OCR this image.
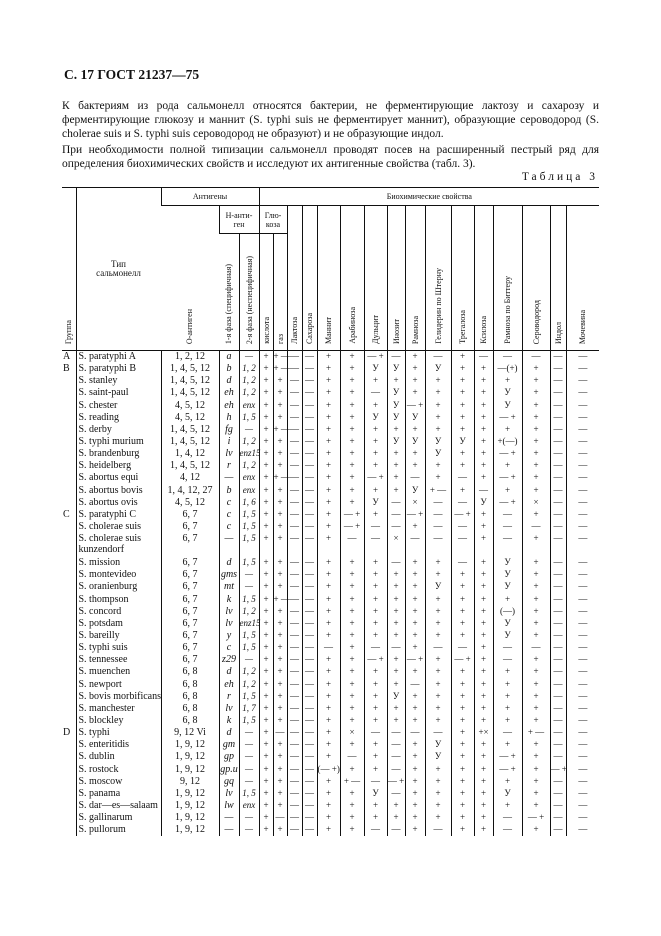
С. 17 ГОСТ 21237—75

К бактериям из рода сальмонелл относятся бактерии, не ферментирующие лактозу и сахарозу и ферментирующие глюкозу и маннит (S. typhi suis не ферментирует маннит), образующие сероводород (S. cholerae suis и S. typhi suis сероводород не образуют) и не образующие индол.

При необходимости полной типизации сальмонелл проводят посев на расширенный пестрый ряд для определения биохимических свойств и исследуют их антигенные свойства (табл. 3).

Таблица 3
Группа	Тип сальмонелл	Антигены			Биохимические свойства															
		О-антиген	Н-анти-ген		Глю-коза		Лактоза	Сахароза	Маннит	Арабиноза	Дульцит	Инозит	Рамноза	Гелидерин по Штерну	Трегалоза	Ксилоза	Рамноза по Биттеру	Сероводород	Индол	Мочевина
			1-я фаза (специфичная)	2-я фаза (неспецифичная)	кислота	газ														
A	S. paratyphi A	1, 2, 12	a	—	+	+ —	—	—	+	+	— +	—	+	—	+	—	—	—	—	—
B	S. paratyphi B	1, 4, 5, 12	b	1, 2	+	+ —	—	—	+	+	У	У	+	У	+	+	—(+)	+	—	—
	S. stanley	1, 4, 5, 12	d	1, 2	+	+	—	—	+	+	+	+	+	+	+	+	+	+	—	—
	S. saint-paul	1, 4, 5, 12	eh	1, 2	+	+	—	—	+	+	—	У	+	+	+	+	У	+	—	—
	S. chester	4, 5, 12	eh	enx	+	+	—	—	+	+	+	У	— +	+	+	+	У	+	—	—
	S. reading	4, 5, 12	h	1, 5	+	+	—	—	+	+	У	У	У	+	+	+	— +	+	—	—
	S. derby	1, 4, 5, 12	fg	—	+	+ —	—	—	+	+	+	+	+	+	+	+	+	+	—	—
	S. typhi murium	1, 4, 5, 12	i	1, 2	+	+	—	—	+	+	+	У	У	У	У	+	+(—)	+	—	—
	S. brandenburg	1, 4, 12	lv	enz15	+	+	—	—	+	+	+	+	+	У	+	+	— +	+	—	—
	S. heidelberg	1, 4, 5, 12	r	1, 2	+	+	—	—	+	+	+	+	+	+	+	+	+	+	—	—
	S. abortus equi	4, 12	—	enx	+	+ —	—	—	+	+	— +	+	—	+	—	+	— +	+	—	—
	S. abortus bovis	1, 4, 12, 27	b	enx	+	+	—	—	+	+	+	+	У	+ —	+	—	+	+	—	—
	S. abortus ovis	4, 5, 12	c	1, 6	+	+	—	—	+	+	У	—	×	—	—	У	— +	×	—	—
C	S. paratyphi C	6, 7	c	1, 5	+	+	—	—	+	— +	+	—	— +	—	— +	+	—	+	—	—
	S. cholerae suis	6, 7	c	1, 5	+	+	—	—	+	— +	—	—	+	—	—	+	—	—	—	—
	S. cholerae suis kunzendorf	6, 7	—	1, 5	+	+	—	—	+	—	—	×	—	—	—	+	—	+	—	—
	S. mission	6, 7	d	1, 5	+	+	—	—	+	+	+	—	+	+	—	+	У	+	—	—
	S. montevideo	6, 7	gms	—	+	+	—	—	+	+	+	+	+	+	+	+	У	+	—	—
	S. oranienburg	6, 7	mt	—	+	+	—	—	+	+	+	+	+	У	+	+	У	+	—	—
	S. thompson	6, 7	k	1, 5	+	+ —	—	—	+	+	+	+	+	+	+	+	+	+	—	—
	S. concord	6, 7	lv	1, 2	+	+	—	—	+	+	+	+	+	+	+	+	(—)	+	—	—
	S. potsdam	6, 7	lv	enz15	+	+	—	—	+	+	+	+	+	+	+	+	У	+	—	—
	S. bareilly	6, 7	y	1, 5	+	+	—	—	+	+	+	+	+	+	+	+	У	+	—	—
	S. typhi suis	6, 7	c	1, 5	+	+	—	—	—	+	—	—	+	—	—	+	—	—	—	—
	S. tennessee	6, 7	z29	—	+	+	—	—	+	+	— +	+	— +	+	— +	+	—	+	—	—
	S. muenchen	6, 8	d	1, 2	+	+	—	—	+	+	+	+	+	+	+	+	+	+	—	—
	S. newport	6, 8	eh	1, 2	+	+	—	—	+	+	+	+	—	+	+	+	+	+	—	—
	S. bovis morbificans	6, 8	r	1, 5	+	+	—	—	+	+	+	У	+	+	+	+	+	+	—	—
	S. manchester	6, 8	lv	1, 7	+	+	—	—	+	+	+	+	+	+	+	+	+	+	—	—
	S. blockley	6, 8	k	1, 5	+	+	—	—	+	+	+	+	+	+	+	+	+	+	—	—
D	S. typhi	9, 12 Vi	d	—	+	—	—	—	+	×	—	—	—	—	+	+×	—	+ —	—	—
	S. enteritidis	1, 9, 12	gm	—	+	+	—	—	+	+	+	—	+	У	+	+	+	+	—	—
	S. dublin	1, 9, 12	gp	—	+	+	—	—	+	—	+	—	+	У	+	+	— +	+	—	—
	S. rostock	1, 9, 12	gp.u	—	+	+	—	—	(— +)	+	+	—	+	+	+	+	— +	+	— +	—
	S. moscow	9, 12	gq	—	+	+	—	—	+	+ —	—	— +	+	+	+	+	+	+	—	—
	S. panama	1, 9, 12	lv	1, 5	+	+	—	—	+	+	У	—	+	+	+	+	У	+	—	—
	S. dar—es—salaam	1, 9, 12	lw	enx	+	+	—	—	+	+	+	+	+	+	+	+	+	+	—	—
	S. gallinarum	1, 9, 12	—	—	+	—	—	—	+	+	+	+	+	+	+	+	—	— +	—	—
	S. pullorum	1, 9, 12	—	—	+	+	—	—	+	+	—	—	+	—	+	+	—	+	—	—
